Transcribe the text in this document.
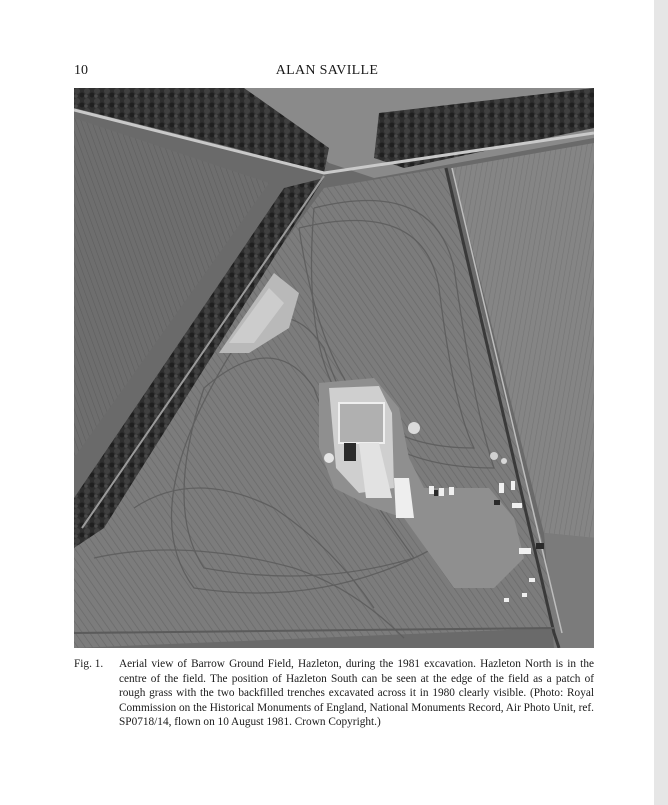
10	ALAN SAVILLE
Fig. 1.	Aerial view of Barrow Ground Field, Hazleton, during the 1981 excavation. Hazleton North is in the centre of the field. The position of Hazleton South can be seen at the edge of the field as a patch of rough grass with the two backfilled trenches excavated across it in 1980 clearly visible. (Photo: Royal Commission on the Historical Monuments of England, National Monuments Record, Air Photo Unit, ref. SP0718/14, flown on 10 August 1981. Crown Copyright.)
